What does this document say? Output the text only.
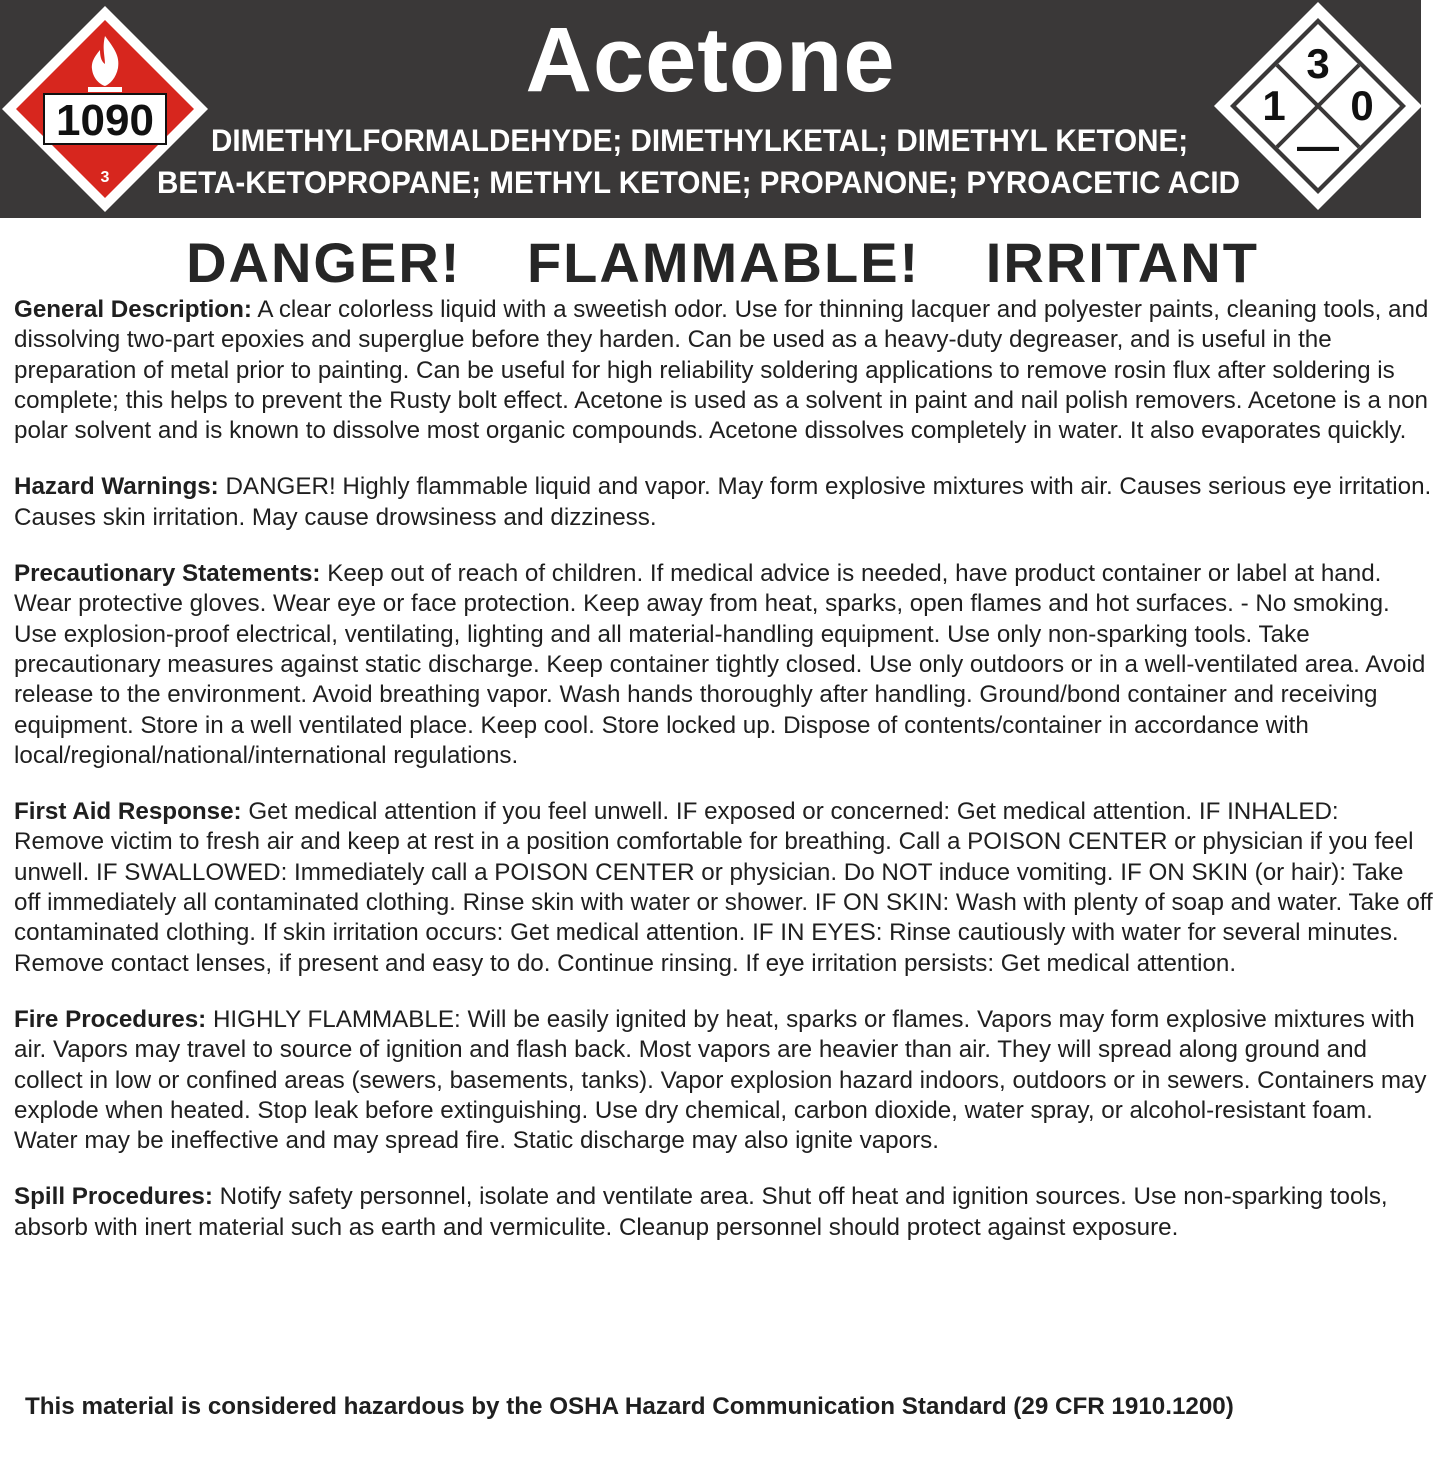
1090
3
Acetone
DIMETHYLFORMALDEHYDE; DIMETHYLKETAL; DIMETHYL KETONE;
BETA-KETOPROPANE; METHYL KETONE; PROPANONE; PYROACETIC ACID
3
1 0
—
DANGER! FLAMMABLE! IRRITANT

General Description: A clear colorless liquid with a sweetish odor. Use for thinning lacquer and polyester paints, cleaning tools, and dissolving two-part epoxies and superglue before they harden. Can be used as a heavy-duty degreaser, and is useful in the preparation of metal prior to painting. Can be useful for high reliability soldering applications to remove rosin flux after soldering is complete; this helps to prevent the Rusty bolt effect. Acetone is used as a solvent in paint and nail polish removers. Acetone is a non polar solvent and is known to dissolve most organic compounds. Acetone dissolves completely in water. It also evaporates quickly.

Hazard Warnings: DANGER! Highly flammable liquid and vapor. May form explosive mixtures with air. Causes serious eye irritation. Causes skin irritation. May cause drowsiness and dizziness.

Precautionary Statements: Keep out of reach of children. If medical advice is needed, have product container or label at hand. Wear protective gloves. Wear eye or face protection. Keep away from heat, sparks, open flames and hot surfaces. - No smoking. Use explosion-proof electrical, ventilating, lighting and all material-handling equipment. Use only non-sparking tools. Take precautionary measures against static discharge. Keep container tightly closed. Use only outdoors or in a well-ventilated area. Avoid release to the environment. Avoid breathing vapor. Wash hands thoroughly after handling. Ground/bond container and receiving equipment. Store in a well ventilated place. Keep cool. Store locked up. Dispose of contents/container in accordance with local/regional/national/international regulations.

First Aid Response: Get medical attention if you feel unwell. IF exposed or concerned: Get medical attention. IF INHALED: Remove victim to fresh air and keep at rest in a position comfortable for breathing. Call a POISON CENTER or physician if you feel unwell. IF SWALLOWED: Immediately call a POISON CENTER or physician. Do NOT induce vomiting. IF ON SKIN (or hair): Take off immediately all contaminated clothing. Rinse skin with water or shower. IF ON SKIN: Wash with plenty of soap and water. Take off contaminated clothing. If skin irritation occurs: Get medical attention. IF IN EYES: Rinse cautiously with water for several minutes. Remove contact lenses, if present and easy to do. Continue rinsing. If eye irritation persists: Get medical attention.

Fire Procedures: HIGHLY FLAMMABLE: Will be easily ignited by heat, sparks or flames. Vapors may form explosive mixtures with air. Vapors may travel to source of ignition and flash back. Most vapors are heavier than air. They will spread along ground and collect in low or confined areas (sewers, basements, tanks). Vapor explosion hazard indoors, outdoors or in sewers. Containers may explode when heated. Stop leak before extinguishing. Use dry chemical, carbon dioxide, water spray, or alcohol-resistant foam. Water may be ineffective and may spread fire. Static discharge may also ignite vapors.

Spill Procedures: Notify safety personnel, isolate and ventilate area. Shut off heat and ignition sources. Use non-sparking tools, absorb with inert material such as earth and vermiculite. Cleanup personnel should protect against exposure.

This material is considered hazardous by the OSHA Hazard Communication Standard (29 CFR 1910.1200)
